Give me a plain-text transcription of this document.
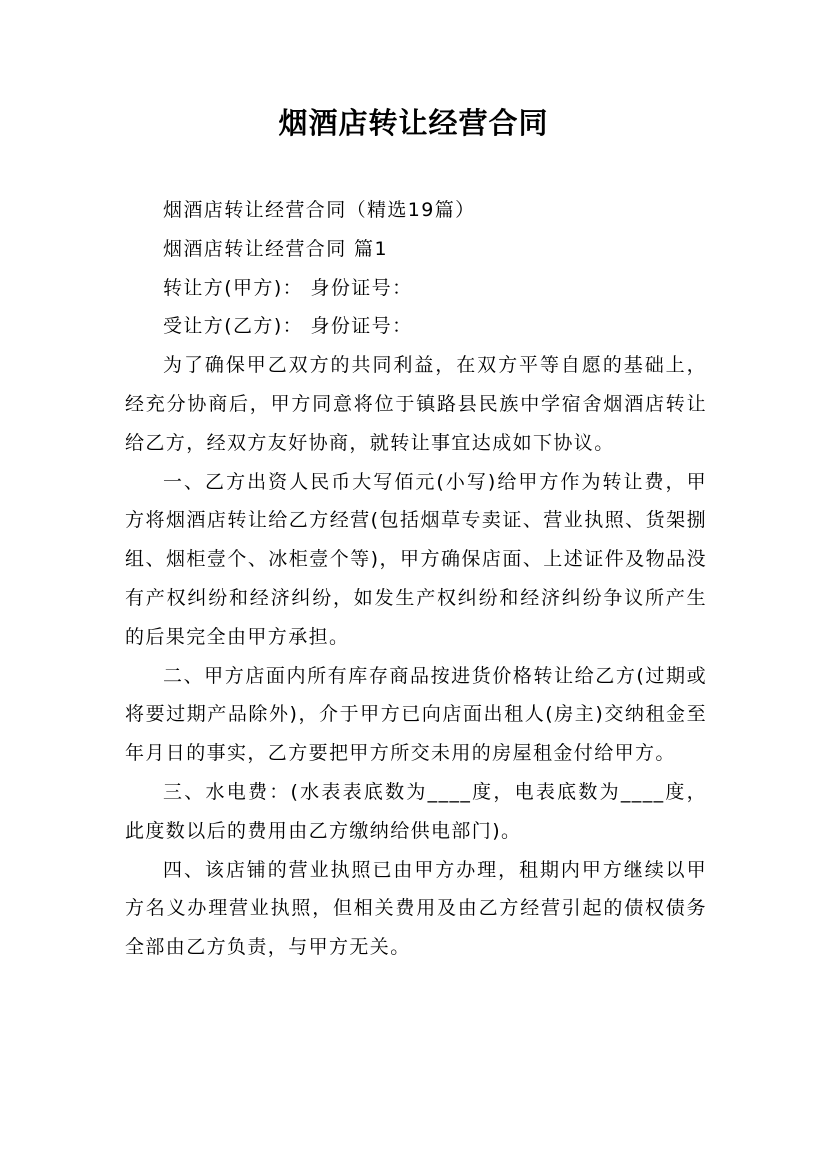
烟酒店转让经营合同

烟酒店转让经营合同（精选19篇）

烟酒店转让经营合同 篇1

转让方(甲方)： 身份证号：

受让方(乙方)： 身份证号：

为了确保甲乙双方的共同利益，在双方平等自愿的基础上，经充分协商后，甲方同意将位于镇路县民族中学宿舍烟酒店转让给乙方，经双方友好协商，就转让事宜达成如下协议。

一、乙方出资人民币大写佰元(小写)给甲方作为转让费，甲方将烟酒店转让给乙方经营(包括烟草专卖证、营业执照、货架捌组、烟柜壹个、冰柜壹个等)，甲方确保店面、上述证件及物品没有产权纠纷和经济纠纷，如发生产权纠纷和经济纠纷争议所产生的后果完全由甲方承担。

二、甲方店面内所有库存商品按进货价格转让给乙方(过期或将要过期产品除外)，介于甲方已向店面出租人(房主)交纳租金至年月日的事实，乙方要把甲方所交未用的房屋租金付给甲方。

三、水电费：(水表表底数为____度，电表底数为____度，此度数以后的费用由乙方缴纳给供电部门)。

四、该店铺的营业执照已由甲方办理，租期内甲方继续以甲方名义办理营业执照，但相关费用及由乙方经营引起的债权债务全部由乙方负责，与甲方无关。
